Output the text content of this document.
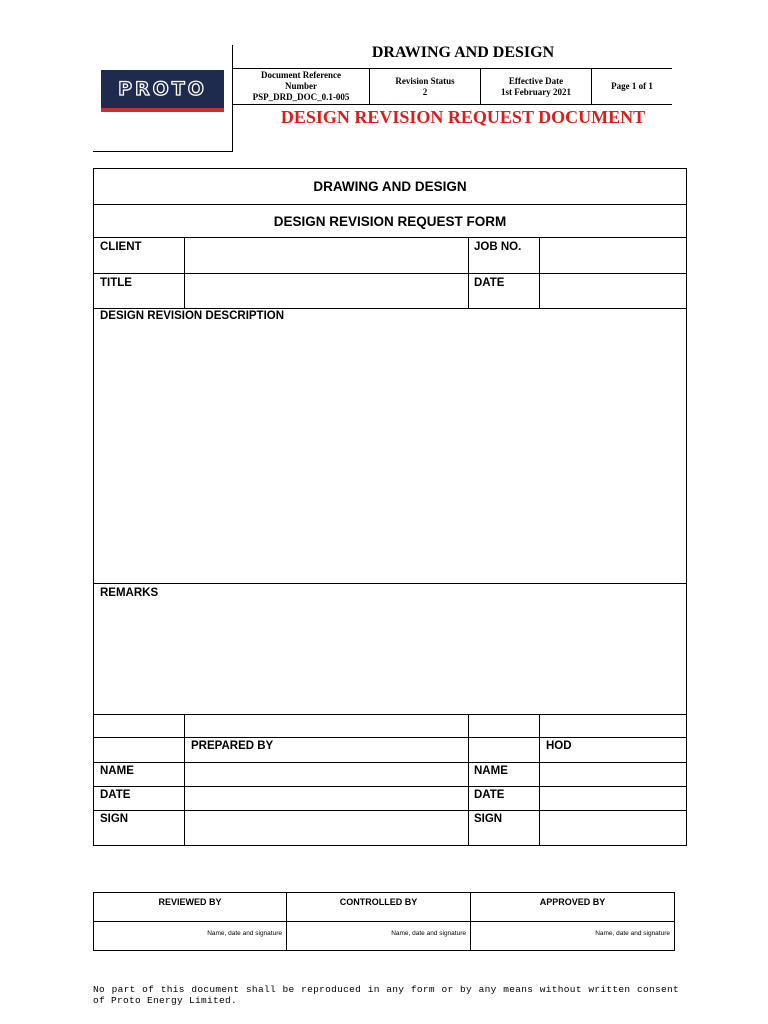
PROTO
DRAWING AND DESIGN
Document Reference
Number
PSP_DRD_DOC_0.1-005

Revision Status
2

Effective Date
1st February 2021

Page 1 of 1
DESIGN REVISION REQUEST DOCUMENT
DRAWING AND DESIGN
DESIGN REVISION REQUEST FORM
CLIENT	JOB NO.
TITLE	DATE
DESIGN REVISION DESCRIPTION
REMARKS
PREPARED BY	HOD
NAME	NAME
DATE	DATE
SIGN	SIGN
REVIEWED BY	CONTROLLED BY	APPROVED BY
Name, date and signature	Name, date and signature	Name, date and signature
No part of this document shall be reproduced in any form or by any means without written consent of Proto Energy Limited.
